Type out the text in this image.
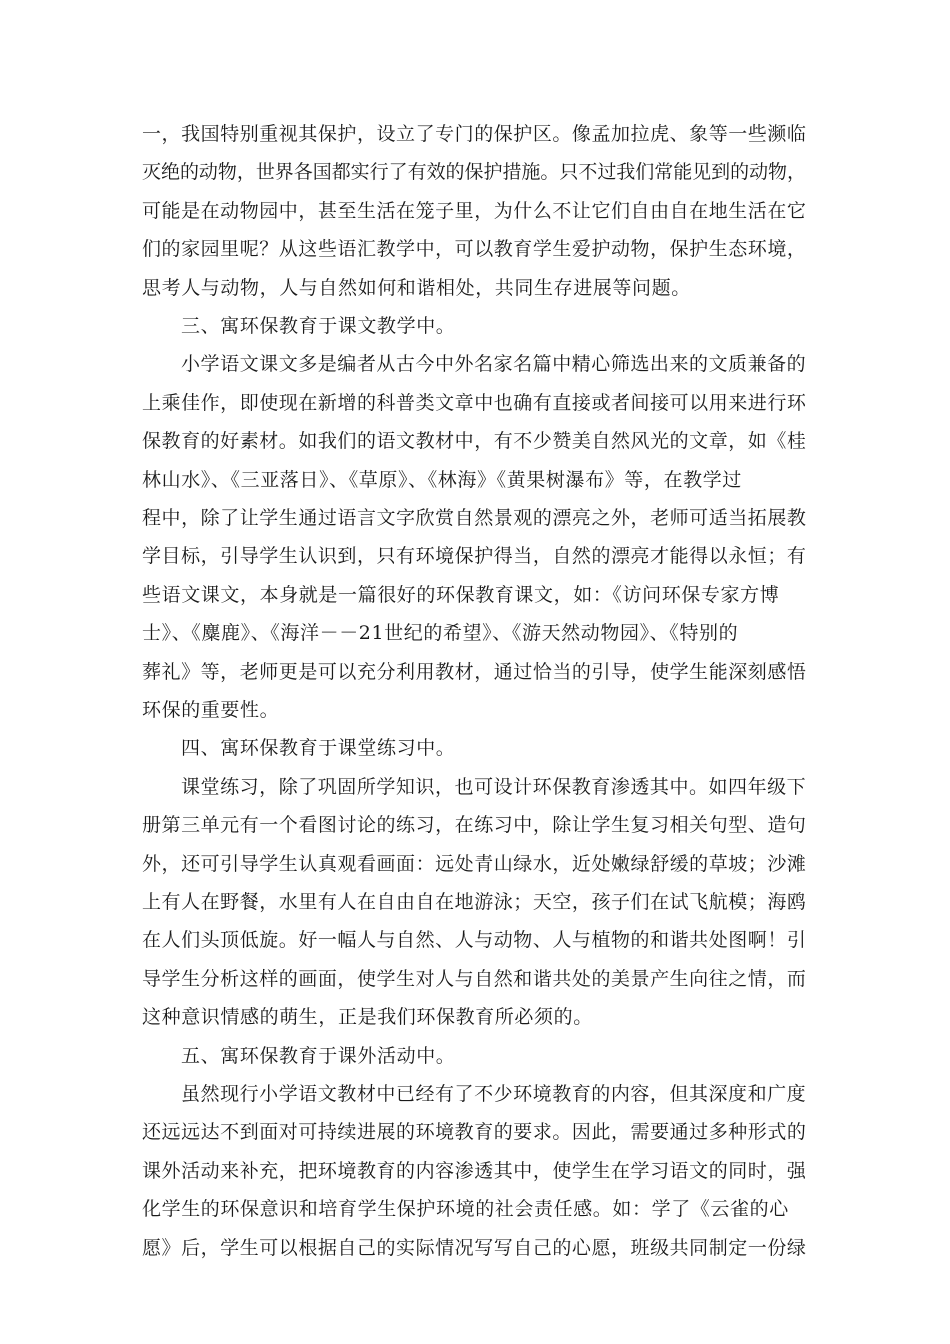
一，我国特别重视其保护，设立了专门的保护区。像孟加拉虎、象等一些濒临
灭绝的动物，世界各国都实行了有效的保护措施。只不过我们常能见到的动物，
可能是在动物园中，甚至生活在笼子里，为什么不让它们自由自在地生活在它
们的家园里呢？从这些语汇教学中，可以教育学生爱护动物，保护生态环境，
思考人与动物，人与自然如何和谐相处，共同生存进展等问题。
三、寓环保教育于课文教学中。
小学语文课文多是编者从古今中外名家名篇中精心筛选出来的文质兼备的
上乘佳作，即使现在新增的科普类文章中也确有直接或者间接可以用来进行环
保教育的好素材。如我们的语文教材中，有不少赞美自然风光的文章，如《桂
林山水》、《三亚落日》、《草原》、《林海》《黄果树瀑布》等，在教学过
程中，除了让学生通过语言文字欣赏自然景观的漂亮之外，老师可适当拓展教
学目标，引导学生认识到，只有环境保护得当，自然的漂亮才能得以永恒；有
些语文课文，本身就是一篇很好的环保教育课文，如：《访问环保专家方博
士》、《麋鹿》、《海洋－－21世纪的希望》、《游天然动物园》、《特别的
葬礼》等，老师更是可以充分利用教材，通过恰当的引导，使学生能深刻感悟
环保的重要性。
四、寓环保教育于课堂练习中。
课堂练习，除了巩固所学知识，也可设计环保教育渗透其中。如四年级下
册第三单元有一个看图讨论的练习，在练习中，除让学生复习相关句型、造句
外，还可引导学生认真观看画面：远处青山绿水，近处嫩绿舒缓的草坡；沙滩
上有人在野餐，水里有人在自由自在地游泳；天空，孩子们在试飞航模；海鸥
在人们头顶低旋。好一幅人与自然、人与动物、人与植物的和谐共处图啊！引
导学生分析这样的画面，使学生对人与自然和谐共处的美景产生向往之情，而
这种意识情感的萌生，正是我们环保教育所必须的。
五、寓环保教育于课外活动中。
虽然现行小学语文教材中已经有了不少环境教育的内容，但其深度和广度
还远远达不到面对可持续进展的环境教育的要求。因此，需要通过多种形式的
课外活动来补充，把环境教育的内容渗透其中，使学生在学习语文的同时，强
化学生的环保意识和培育学生保护环境的社会责任感。如：学了《云雀的心
愿》后，学生可以根据自己的实际情况写写自己的心愿，班级共同制定一份绿
